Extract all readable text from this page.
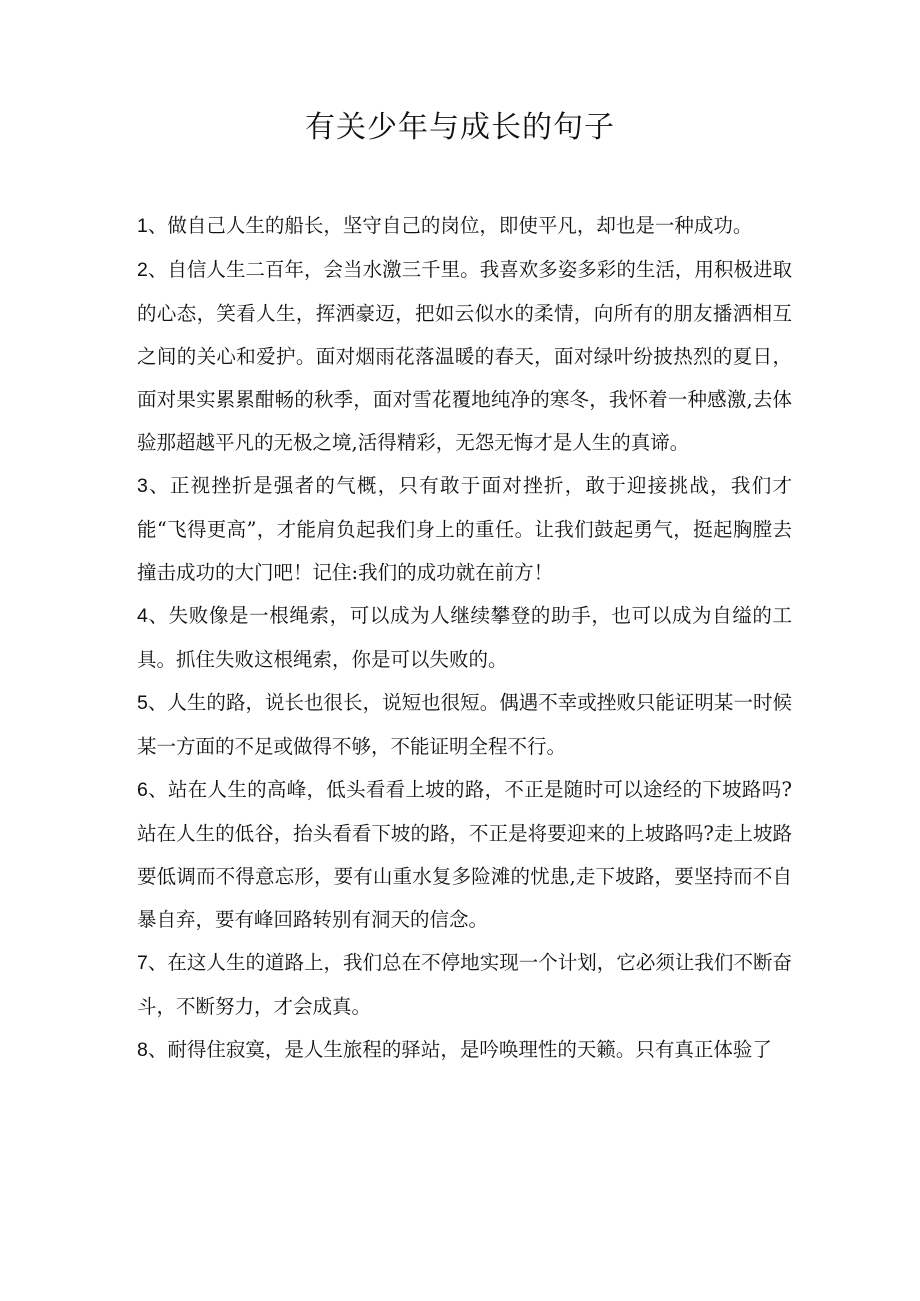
有关少年与成长的句子

1、做自己人生的船长，坚守自己的岗位，即使平凡，却也是一种成功。

2、自信人生二百年，会当水激三千里。我喜欢多姿多彩的生活，用积极进取的心态，笑看人生，挥洒豪迈，把如云似水的柔情，向所有的朋友播洒相互之间的关心和爱护。面对烟雨花落温暖的春天，面对绿叶纷披热烈的夏日，面对果实累累酣畅的秋季，面对雪花覆地纯净的寒冬，我怀着一种感激,去体验那超越平凡的无极之境,活得精彩，无怨无悔才是人生的真谛。

3、正视挫折是强者的气概，只有敢于面对挫折，敢于迎接挑战，我们才能“飞得更高”，才能肩负起我们身上的重任。让我们鼓起勇气，挺起胸膛去撞击成功的大门吧！记住:我们的成功就在前方！

4、失败像是一根绳索，可以成为人继续攀登的助手，也可以成为自缢的工具。抓住失败这根绳索，你是可以失败的。

5、人生的路，说长也很长，说短也很短。偶遇不幸或挫败只能证明某一时候某一方面的不足或做得不够，不能证明全程不行。

6、站在人生的高峰，低头看看上坡的路，不正是随时可以途经的下坡路吗?站在人生的低谷，抬头看看下坡的路，不正是将要迎来的上坡路吗?走上坡路要低调而不得意忘形，要有山重水复多险滩的忧患,走下坡路，要坚持而不自暴自弃，要有峰回路转别有洞天的信念。

7、在这人生的道路上，我们总在不停地实现一个计划，它必须让我们不断奋斗，不断努力，才会成真。

8、耐得住寂寞，是人生旅程的驿站，是吟唤理性的天籁。只有真正体验了
